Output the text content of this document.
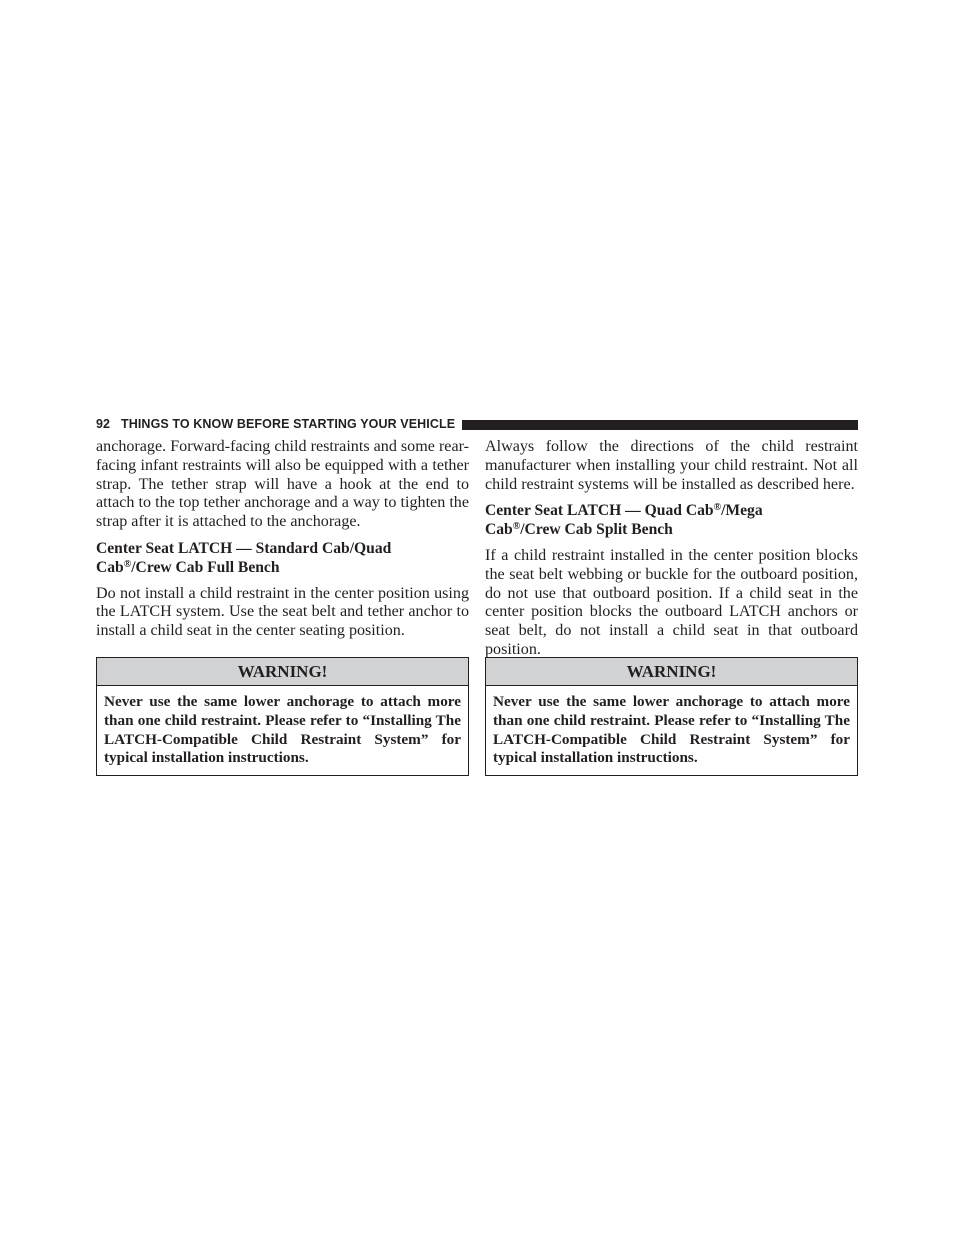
92 THINGS TO KNOW BEFORE STARTING YOUR VEHICLE

anchorage. Forward-facing child restraints and some rear-facing infant restraints will also be equipped with a tether strap. The tether strap will have a hook at the end to attach to the top tether anchorage and a way to tighten the strap after it is attached to the anchorage.

Center Seat LATCH — Standard Cab/Quad
Cab®/Crew Cab Full Bench

Do not install a child restraint in the center position using the LATCH system. Use the seat belt and tether anchor to install a child seat in the center seating position.

Always follow the directions of the child restraint manufacturer when installing your child restraint. Not all child restraint systems will be installed as described here.

Center Seat LATCH — Quad Cab®/Mega
Cab®/Crew Cab Split Bench

If a child restraint installed in the center position blocks the seat belt webbing or buckle for the outboard position, do not use that outboard position. If a child seat in the center position blocks the outboard LATCH anchors or seat belt, do not install a child seat in that outboard position.

WARNING!
Never use the same lower anchorage to attach more than one child restraint. Please refer to “Installing The LATCH-Compatible Child Restraint System” for typical installation instructions.
WARNING!
Never use the same lower anchorage to attach more than one child restraint. Please refer to “Installing The LATCH-Compatible Child Restraint System” for typical installation instructions.
